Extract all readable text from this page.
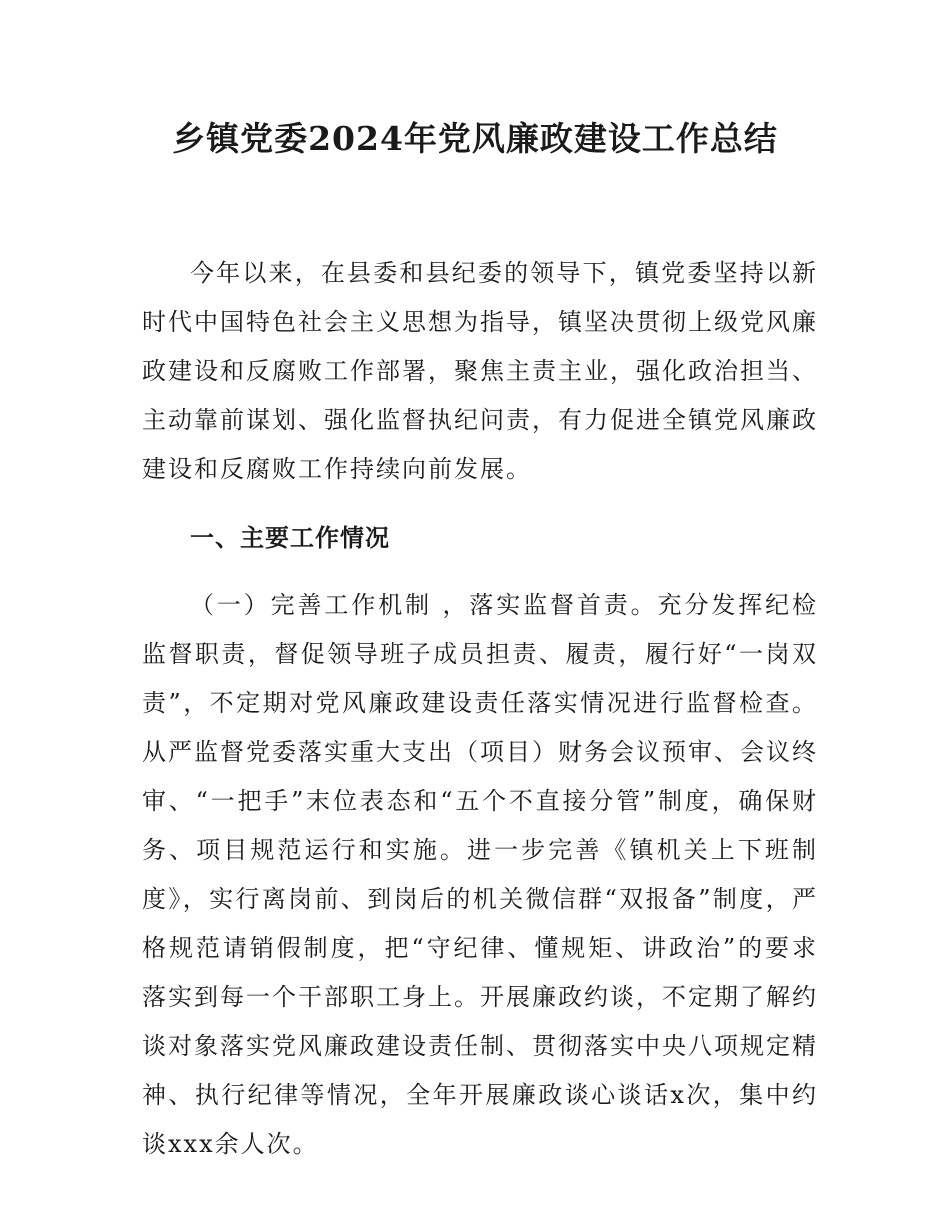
乡镇党委2024年党风廉政建设工作总结

今年以来，在县委和县纪委的领导下，镇党委坚持以新时代中国特色社会主义思想为指导，镇坚决贯彻上级党风廉政建设和反腐败工作部署，聚焦主责主业，强化政治担当、主动靠前谋划、强化监督执纪问责，有力促进全镇党风廉政建设和反腐败工作持续向前发展。

一、主要工作情况

（一）完善工作机制 ，落实监督首责。充分发挥纪检监督职责，督促领导班子成员担责、履责，履行好“一岗双责”，不定期对党风廉政建设责任落实情况进行监督检查。从严监督党委落实重大支出（项目）财务会议预审、会议终审、“一把手”末位表态和“五个不直接分管”制度，确保财务、项目规范运行和实施。进一步完善《镇机关上下班制度》，实行离岗前、到岗后的机关微信群“双报备”制度，严格规范请销假制度，把“守纪律、懂规矩、讲政治”的要求落实到每一个干部职工身上。开展廉政约谈，不定期了解约谈对象落实党风廉政建设责任制、贯彻落实中央八项规定精神、执行纪律等情况，全年开展廉政谈心谈话x次，集中约谈xxx余人次。
